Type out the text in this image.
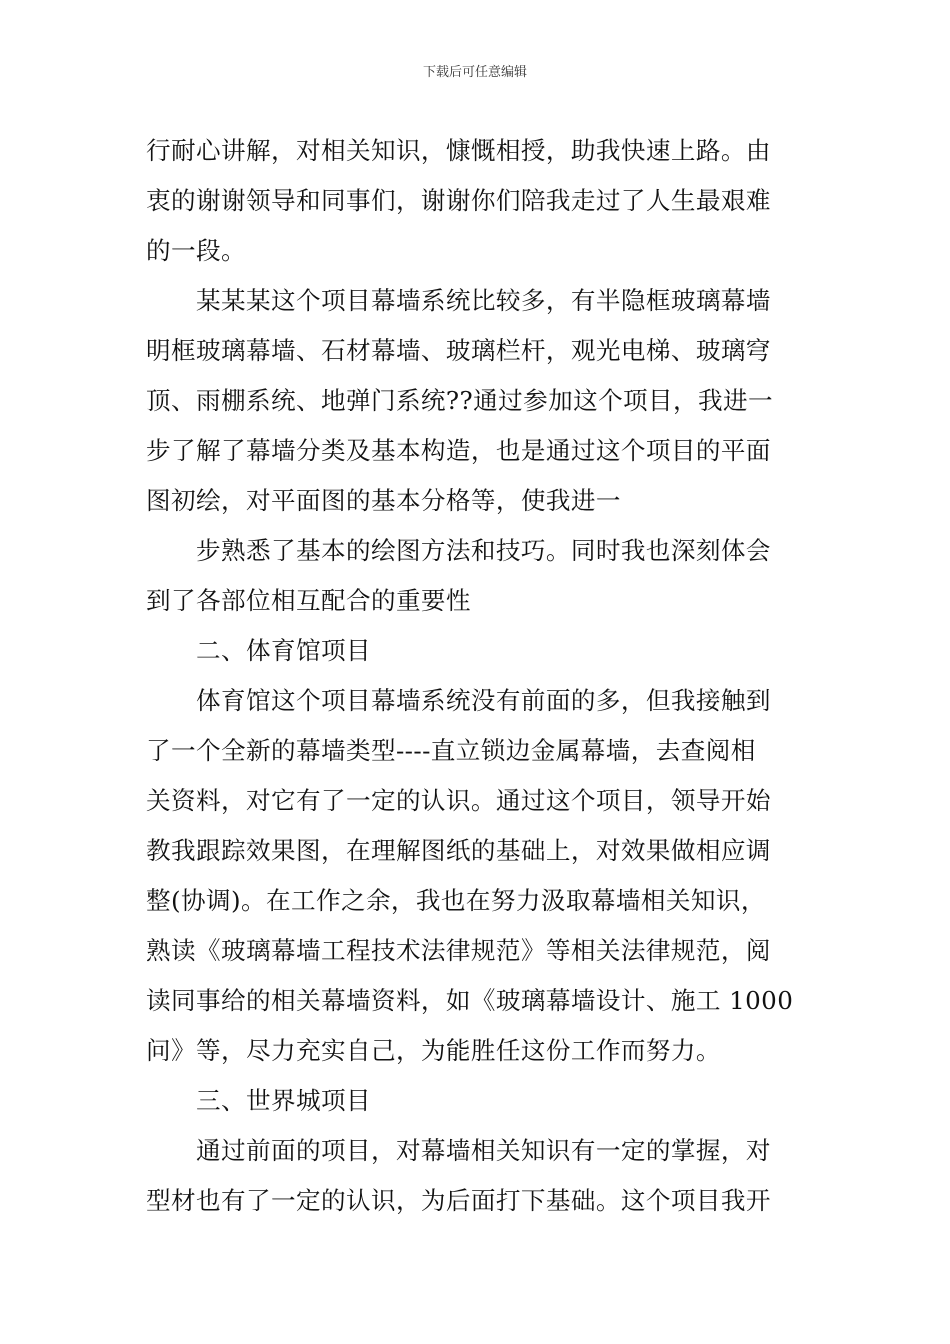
下载后可任意编辑
行耐心讲解，对相关知识，慷慨相授，助我快速上路。由
衷的谢谢领导和同事们，谢谢你们陪我走过了人生最艰难
的一段。
　　某某某这个项目幕墙系统比较多，有半隐框玻璃幕墙
明框玻璃幕墙、石材幕墙、玻璃栏杆，观光电梯、玻璃穹
顶、雨棚系统、地弹门系统??通过参加这个项目，我进一
步了解了幕墙分类及基本构造，也是通过这个项目的平面
图初绘，对平面图的基本分格等，使我进一
　　步熟悉了基本的绘图方法和技巧。同时我也深刻体会
到了各部位相互配合的重要性
　　二、体育馆项目
　　体育馆这个项目幕墙系统没有前面的多，但我接触到
了一个全新的幕墙类型----直立锁边金属幕墙，去查阅相
关资料，对它有了一定的认识。通过这个项目，领导开始
教我跟踪效果图，在理解图纸的基础上，对效果做相应调
整(协调)。在工作之余，我也在努力汲取幕墙相关知识，
熟读《玻璃幕墙工程技术法律规范》等相关法律规范，阅
读同事给的相关幕墙资料，如《玻璃幕墙设计、施工 1000
问》等，尽力充实自己，为能胜任这份工作而努力。
　　三、世界城项目
　　通过前面的项目，对幕墙相关知识有一定的掌握，对
型材也有了一定的认识，为后面打下基础。这个项目我开
